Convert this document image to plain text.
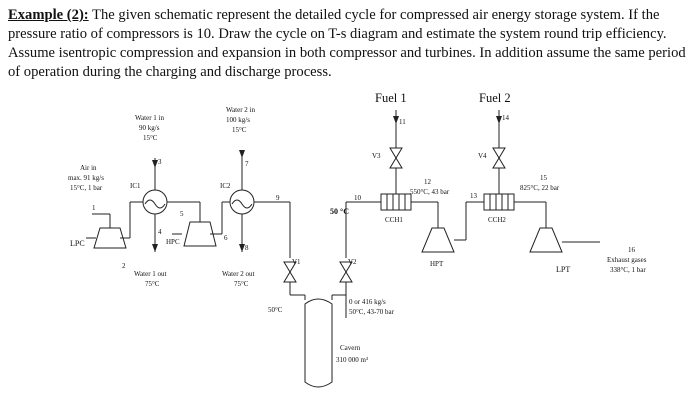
Example (2): The given schematic represent the detailed cycle for compressed air energy storage system. If the pressure ratio of compressors is 10. Draw the cycle on T-s diagram and estimate the system round trip efficiency. Assume isentropic compression and expansion in both compressor and turbines. In addition assume the same period of operation during the charging and discharge process.
Fuel 1	Fuel 2
Water 1 in
90 kg/s
15°C
Water 2 in
100 kg/s
15°C
Air in
max. 91 kg/s
15°C, 1 bar
Water 1 out
75°C
Water 2 out
75°C
0 or 416 kg/s
50°C, 43-70 bar
Cavern
310 000 m³
12
550°C, 43 bar
15
825°C, 22 bar
16
Exhaust gases
338°C, 1 bar
50 °C
50°C
LPC	HPC
IC1	IC2
V1	V2
V3	V4
CCH1	CCH2
HPT
LPT
1
2
3
4
5
6
7
8
9	10
11
13
14
